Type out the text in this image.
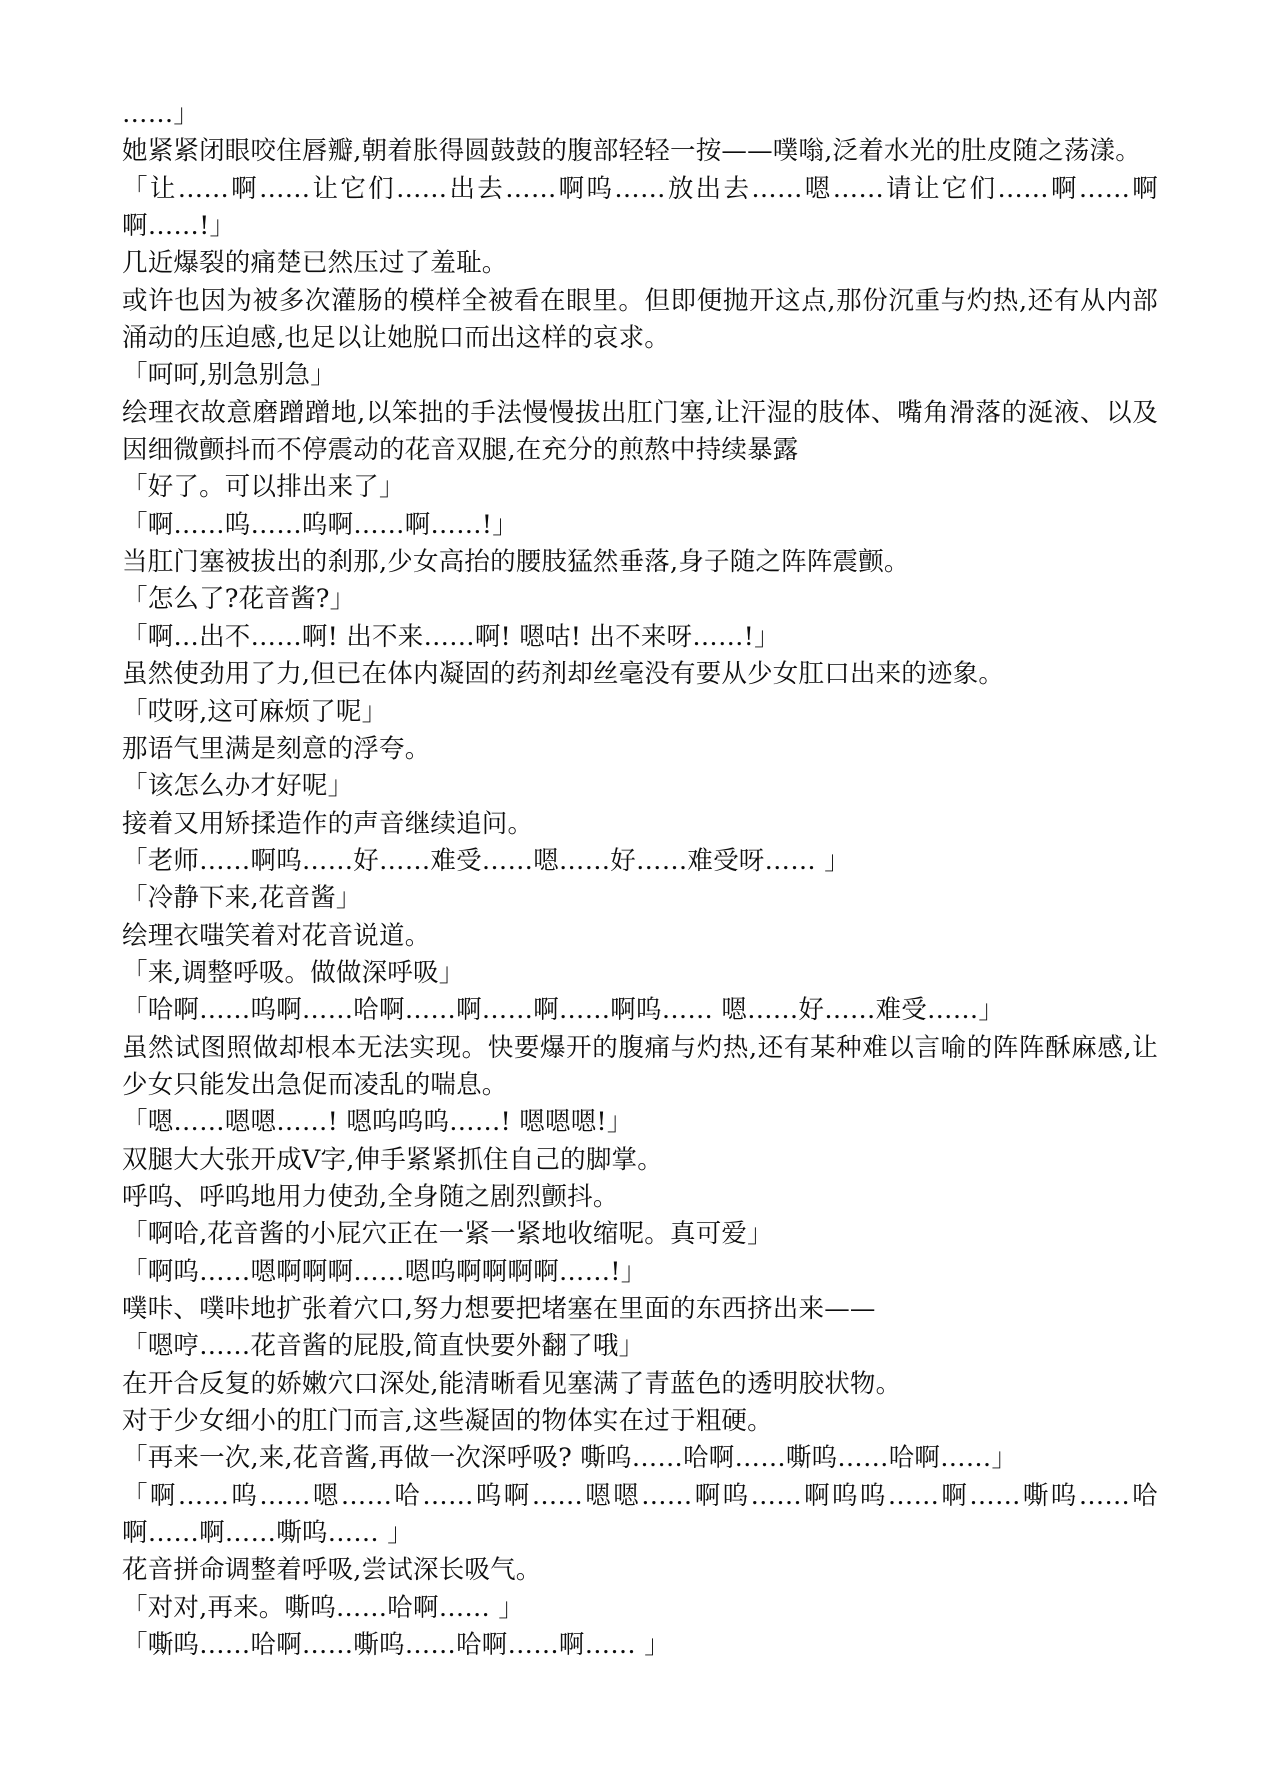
……」

她紧紧闭眼咬住唇瓣,朝着胀得圆鼓鼓的腹部轻轻一按——噗嗡,泛着水光的肚皮随之荡漾。

「让……啊……让它们……出去……啊呜……放出去……嗯……请让它们……啊……啊啊……!」

几近爆裂的痛楚已然压过了羞耻。

或许也因为被多次灌肠的模样全被看在眼里。但即便抛开这点,那份沉重与灼热,还有从内部涌动的压迫感,也足以让她脱口而出这样的哀求。

「呵呵,别急别急」

绘理衣故意磨蹭蹭地,以笨拙的手法慢慢拔出肛门塞,让汗湿的肢体、嘴角滑落的涎液、以及因细微颤抖而不停震动的花音双腿,在充分的煎熬中持续暴露

「好了。可以排出来了」

「啊……呜……呜啊……啊……!」

当肛门塞被拔出的刹那,少女高抬的腰肢猛然垂落,身子随之阵阵震颤。

「怎么了?花音酱?」

「啊…出不……啊! 出不来……啊! 嗯咕! 出不来呀……!」

虽然使劲用了力,但已在体内凝固的药剂却丝毫没有要从少女肛口出来的迹象。

「哎呀,这可麻烦了呢」

那语气里满是刻意的浮夸。

「该怎么办才好呢」

接着又用矫揉造作的声音继续追问。

「老师……啊呜……好……难受……嗯……好……难受呀…… 」

「冷静下来,花音酱」

绘理衣嗤笑着对花音说道。

「来,调整呼吸。做做深呼吸」

「哈啊……呜啊……哈啊……啊……啊……啊呜…… 嗯……好……难受……」

虽然试图照做却根本无法实现。快要爆开的腹痛与灼热,还有某种难以言喻的阵阵酥麻感,让少女只能发出急促而凌乱的喘息。

「嗯……嗯嗯……! 嗯呜呜呜……! 嗯嗯嗯!」

双腿大大张开成V字,伸手紧紧抓住自己的脚掌。

呼呜、呼呜地用力使劲,全身随之剧烈颤抖。

「啊哈,花音酱的小屁穴正在一紧一紧地收缩呢。真可爱」

「啊呜……嗯啊啊啊……嗯呜啊啊啊啊……!」

噗咔、噗咔地扩张着穴口,努力想要把堵塞在里面的东西挤出来——

「嗯哼……花音酱的屁股,简直快要外翻了哦」

在开合反复的娇嫩穴口深处,能清晰看见塞满了青蓝色的透明胶状物。

对于少女细小的肛门而言,这些凝固的物体实在过于粗硬。

「再来一次,来,花音酱,再做一次深呼吸? 嘶呜……哈啊……嘶呜……哈啊……」

「啊……呜……嗯……哈……呜啊……嗯嗯……啊呜……啊呜呜……啊……嘶呜……哈啊……啊……嘶呜…… 」

花音拼命调整着呼吸,尝试深长吸气。

「对对,再来。嘶呜……哈啊…… 」

「嘶呜……哈啊……嘶呜……哈啊……啊…… 」
